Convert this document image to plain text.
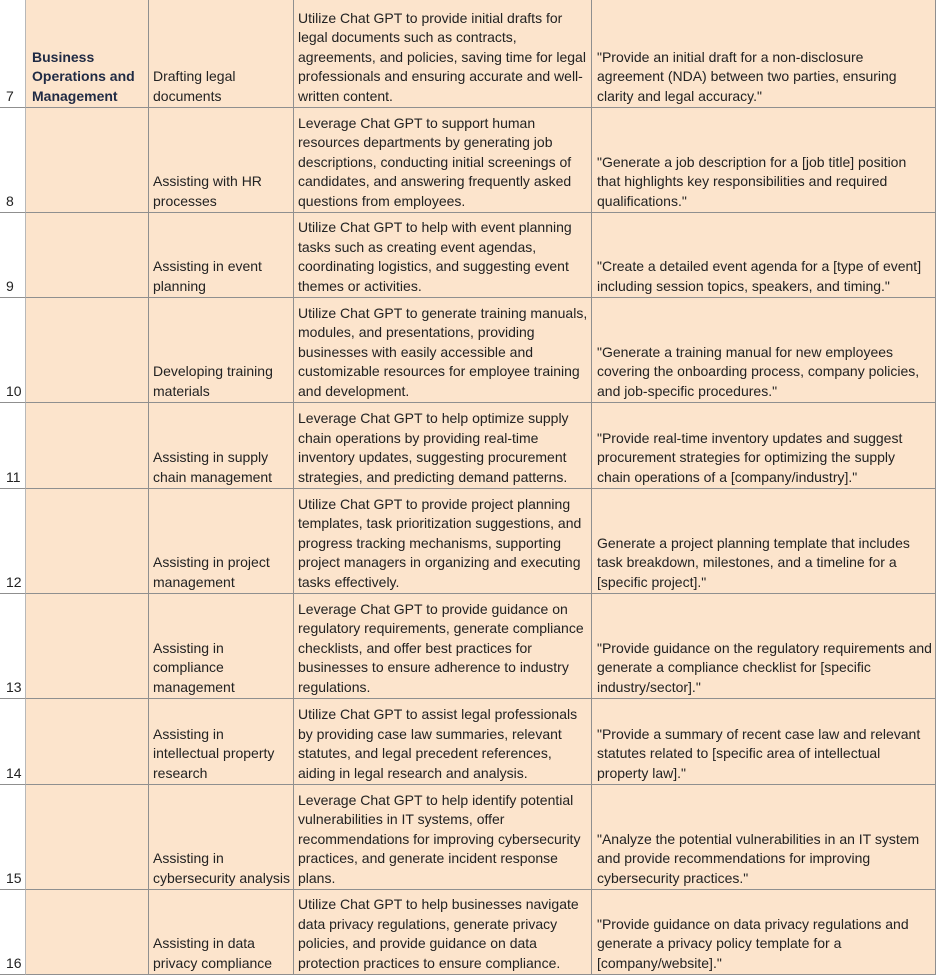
7
Business Operations and Management
Drafting legal documents
Utilize Chat GPT to provide initial drafts for legal documents such as contracts, agreements, and policies, saving time for legal professionals and ensuring accurate and well-written content.
"Provide an initial draft for a non-disclosure agreement (NDA) between two parties, ensuring clarity and legal accuracy."
8
Assisting with HR processes
Leverage Chat GPT to support human resources departments by generating job descriptions, conducting initial screenings of candidates, and answering frequently asked questions from employees.
"Generate a job description for a [job title] position that highlights key responsibilities and required qualifications."
9
Assisting in event planning
Utilize Chat GPT to help with event planning tasks such as creating event agendas, coordinating logistics, and suggesting event themes or activities.
"Create a detailed event agenda for a [type of event] including session topics, speakers, and timing."
10
Developing training materials
Utilize Chat GPT to generate training manuals, modules, and presentations, providing businesses with easily accessible and customizable resources for employee training and development.
"Generate a training manual for new employees covering the onboarding process, company policies, and job-specific procedures."
11
Assisting in supply chain management
Leverage Chat GPT to help optimize supply chain operations by providing real-time inventory updates, suggesting procurement strategies, and predicting demand patterns.
"Provide real-time inventory updates and suggest procurement strategies for optimizing the supply chain operations of a [company/industry]."
12
Assisting in project management
Utilize Chat GPT to provide project planning templates, task prioritization suggestions, and progress tracking mechanisms, supporting project managers in organizing and executing tasks effectively.
Generate a project planning template that includes task breakdown, milestones, and a timeline for a [specific project]."
13
Assisting in compliance management
Leverage Chat GPT to provide guidance on regulatory requirements, generate compliance checklists, and offer best practices for businesses to ensure adherence to industry regulations.
"Provide guidance on the regulatory requirements and generate a compliance checklist for [specific industry/sector]."
14
Assisting in intellectual property research
Utilize Chat GPT to assist legal professionals by providing case law summaries, relevant statutes, and legal precedent references, aiding in legal research and analysis.
"Provide a summary of recent case law and relevant statutes related to [specific area of intellectual property law]."
15
Assisting in cybersecurity analysis
Leverage Chat GPT to help identify potential vulnerabilities in IT systems, offer recommendations for improving cybersecurity practices, and generate incident response plans.
"Analyze the potential vulnerabilities in an IT system and provide recommendations for improving cybersecurity practices."
16
Assisting in data privacy compliance
Utilize Chat GPT to help businesses navigate data privacy regulations, generate privacy policies, and provide guidance on data protection practices to ensure compliance.
"Provide guidance on data privacy regulations and generate a privacy policy template for a [company/website]."
